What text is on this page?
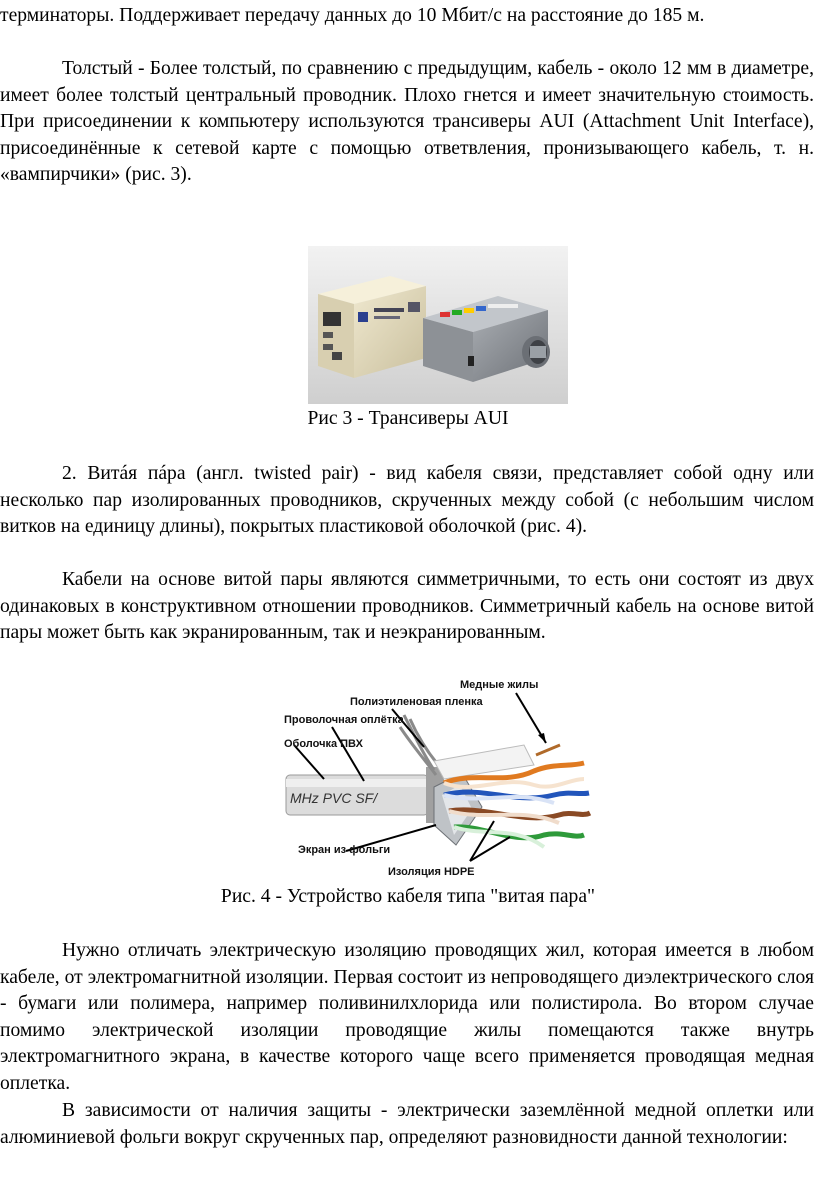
терминаторы. Поддерживает передачу данных до 10 Мбит/с на расстояние до 185 м.

Толстый - Более толстый, по сравнению с предыдущим, кабель - около 12 мм в диаметре, имеет более толстый центральный проводник. Плохо гнется и имеет значительную стоимость. При присоединении к компьютеру используются трансиверы AUI (Attachment Unit Interface), присоединённые к сетевой карте с помощью ответвления, пронизывающего кабель, т. н. «вампирчики» (рис. 3).

Рис 3 - Трансиверы AUI

2. Витáя пáра (англ. twisted pair) - вид кабеля связи, представляет собой одну или несколько пар изолированных проводников, скрученных между собой (с небольшим числом витков на единицу длины), покрытых пластиковой оболочкой (рис. 4).

Кабели на основе витой пары являются симметричными, то есть они состоят из двух одинаковых в конструктивном отношении проводников. Симметричный кабель на основе витой пары может быть как экранированным, так и неэкранированным.

MHz PVC SF/
Медные жилы
Полиэтиленовая пленка
Проволочная оплётка
Оболочка ПВХ
Экран из фольги
Изоляция HDPE
Рис. 4 - Устройство кабеля типа "витая пара"

Нужно отличать электрическую изоляцию проводящих жил, которая имеется в любом кабеле, от электромагнитной изоляции. Первая состоит из непроводящего диэлектрического слоя - бумаги или полимера, например поливинилхлорида или полистирола. Во втором случае помимо электрической изоляции проводящие жилы помещаются также внутрь электромагнитного экрана, в качестве которого чаще всего применяется проводящая медная оплетка.

В зависимости от наличия защиты - электрически заземлённой медной оплетки или алюминиевой фольги вокруг скрученных пар, определяют разновидности данной технологии:
